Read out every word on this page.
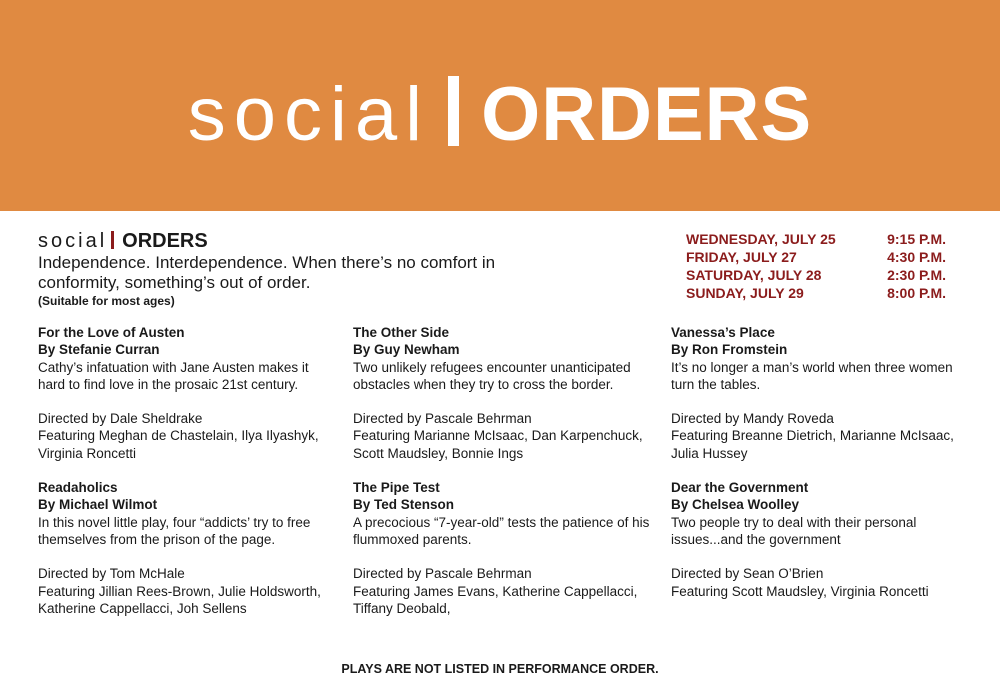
social ORDERS
social ORDERS
Independence. Interdependence. When there’s no comfort in conformity, something’s out of order.
(Suitable for most ages)
WEDNESDAY, JULY 25	9:15 P.M.
FRIDAY, JULY 27	4:30 P.M.
SATURDAY, JULY 28	2:30 P.M.
SUNDAY, JULY 29	8:00 P.M.
For the Love of Austen
By Stefanie Curran
Cathy’s infatuation with Jane Austen makes it hard to find love in the prosaic 21st century.
Directed by Dale Sheldrake
Featuring Meghan de Chastelain, Ilya Ilyashyk, Virginia Roncetti
Readaholics
By Michael Wilmot
In this novel little play, four “addicts’ try to free themselves from the prison of the page.
Directed by Tom McHale
Featuring Jillian Rees-Brown, Julie Holdsworth, Katherine Cappellacci, Joh Sellens
The Other Side
By Guy Newham
Two unlikely refugees encounter unanticipated obstacles when they try to cross the border.
Directed by Pascale Behrman
Featuring Marianne McIsaac, Dan Karpenchuck, Scott Maudsley, Bonnie Ings
The Pipe Test
By Ted Stenson
A precocious “7-year-old” tests the patience of his flummoxed parents.
Directed by Pascale Behrman
Featuring James Evans, Katherine Cappellacci, Tiffany Deobald,
Vanessa’s Place
By Ron Fromstein
It’s no longer a man’s world when three women turn the tables.
Directed by Mandy Roveda
Featuring Breanne Dietrich, Marianne McIsaac, Julia Hussey
Dear the Government
By Chelsea Woolley
Two people try to deal with their personal issues...and the government
Directed by Sean O’Brien
Featuring Scott Maudsley, Virginia Roncetti
PLAYS ARE NOT LISTED IN PERFORMANCE ORDER.
